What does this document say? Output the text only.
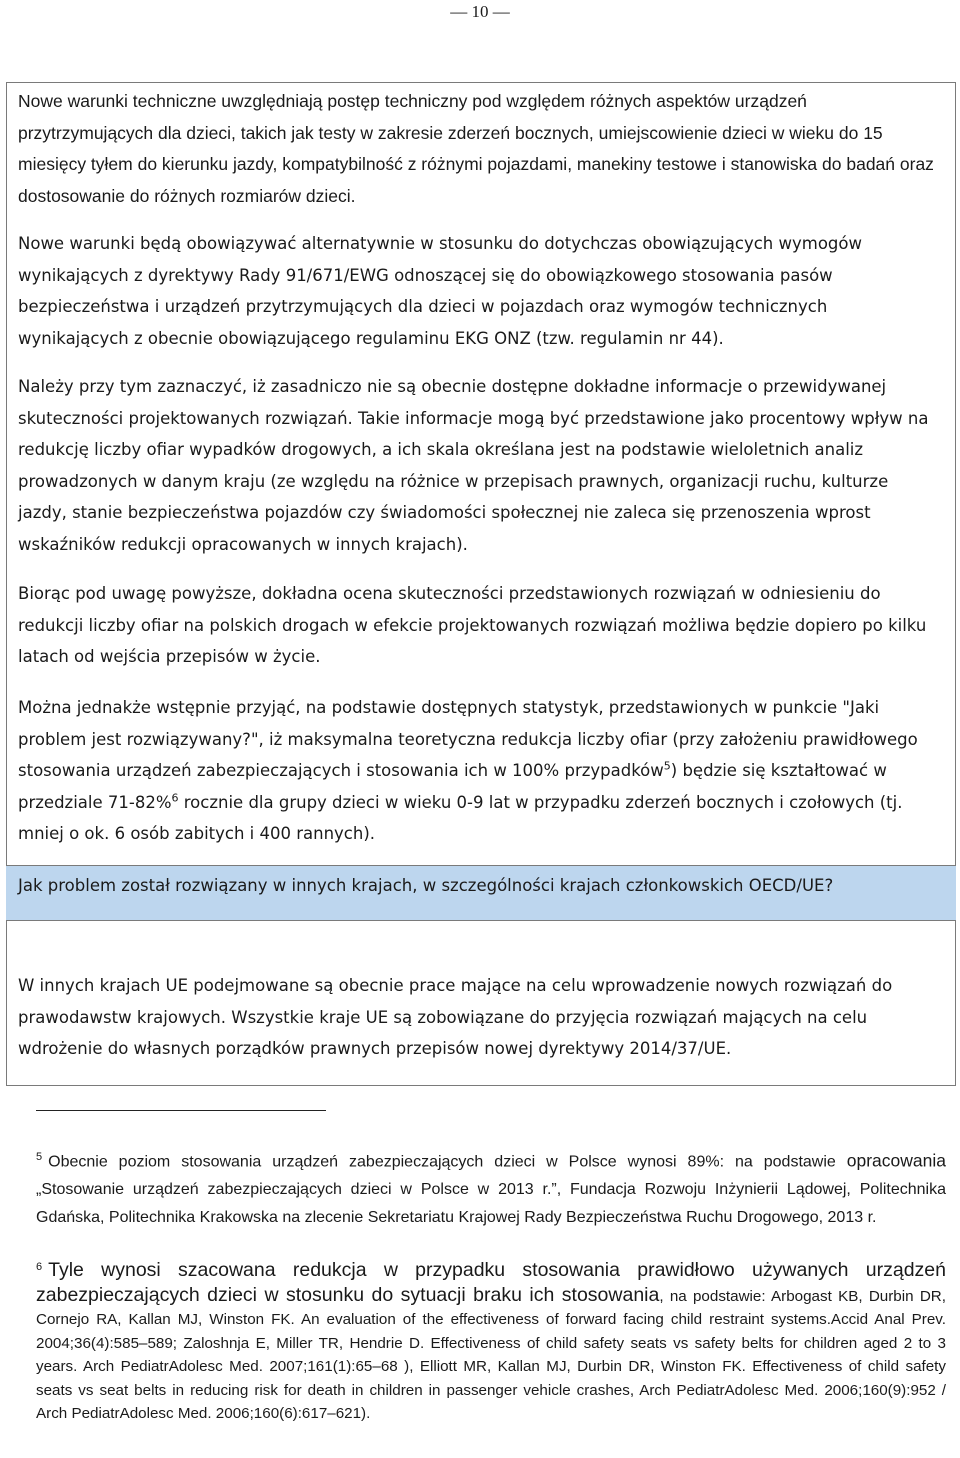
— 10 —
Nowe warunki techniczne uwzględniają postęp techniczny pod względem różnych aspektów urządzeń przytrzymujących dla dzieci, takich jak testy w zakresie zderzeń bocznych, umiejscowienie dzieci w wieku do 15 miesięcy tyłem do kierunku jazdy, kompatybilność z różnymi pojazdami, manekiny testowe i stanowiska do badań oraz dostosowanie do różnych rozmiarów dzieci.
Nowe warunki będą obowiązywać alternatywnie w stosunku do dotychczas obowiązujących wymogów wynikających z dyrektywy Rady 91/671/EWG odnoszącej się do obowiązkowego stosowania pasów bezpieczeństwa i urządzeń przytrzymujących dla dzieci w pojazdach oraz wymogów technicznych wynikających z obecnie obowiązującego regulaminu EKG ONZ (tzw. regulamin nr 44).
Należy przy tym zaznaczyć, iż zasadniczo nie są obecnie dostępne dokładne informacje o przewidywanej skuteczności projektowanych rozwiązań. Takie informacje mogą być przedstawione jako procentowy wpływ na redukcję liczby ofiar wypadków drogowych, a ich skala określana jest na podstawie wieloletnich analiz prowadzonych w danym kraju (ze względu na różnice w przepisach prawnych, organizacji ruchu, kulturze jazdy, stanie bezpieczeństwa pojazdów czy świadomości społecznej nie zaleca się przenoszenia wprost wskaźników redukcji opracowanych w innych krajach).
Biorąc pod uwagę powyższe, dokładna ocena skuteczności przedstawionych rozwiązań w odniesieniu do redukcji liczby ofiar na polskich drogach w efekcie projektowanych rozwiązań możliwa będzie dopiero po kilku latach od wejścia przepisów w życie.
Można jednakże wstępnie przyjąć, na podstawie dostępnych statystyk, przedstawionych w punkcie "Jaki problem jest rozwiązywany?", iż maksymalna teoretyczna redukcja liczby ofiar (przy założeniu prawidłowego stosowania urządzeń zabezpieczających i stosowania ich w 100% przypadków$^5$) będzie się kształtować w przedziale 71-82%$^6$ rocznie dla grupy dzieci w wieku 0-9 lat w przypadku zderzeń bocznych i czołowych (tj. mniej o ok. 6 osób zabitych i 400 rannych).
Jak problem został rozwiązany w innych krajach, w szczególności krajach członkowskich OECD/UE?
W innych krajach UE podejmowane są obecnie prace mające na celu wprowadzenie nowych rozwiązań do prawodawstw krajowych. Wszystkie kraje UE są zobowiązane do przyjęcia rozwiązań mających na celu wdrożenie do własnych porządków prawnych przepisów nowej dyrektywy 2014/37/UE.
$^5$ Obecnie poziom stosowania urządzeń zabezpieczających dzieci w Polsce wynosi 89%: na podstawie opracowania „Stosowanie urządzeń zabezpieczających dzieci w Polsce w 2013 r.”, Fundacja Rozwoju Inżynierii Lądowej, Politechnika Gdańska, Politechnika Krakowska na zlecenie Sekretariatu Krajowej Rady Bezpieczeństwa Ruchu Drogowego, 2013 r.
$^6$ Tyle wynosi szacowana redukcja w przypadku stosowania prawidłowo używanych urządzeń zabezpieczających dzieci w stosunku do sytuacji braku ich stosowania, na podstawie: Arbogast KB, Durbin DR, Cornejo RA, Kallan MJ, Winston FK. An evaluation of the effectiveness of forward facing child restraint systems.Accid Anal Prev. 2004;36(4):585–589; Zaloshnja E, Miller TR, Hendrie D. Effectiveness of child safety seats vs safety belts for children aged 2 to 3 years. Arch PediatrAdolesc Med. 2007;161(1):65–68 ), Elliott MR, Kallan MJ, Durbin DR, Winston FK. Effectiveness of child safety seats vs seat belts in reducing risk for death in children in passenger vehicle crashes, Arch PediatrAdolesc Med. 2006;160(9):952 / Arch PediatrAdolesc Med. 2006;160(6):617–621).
